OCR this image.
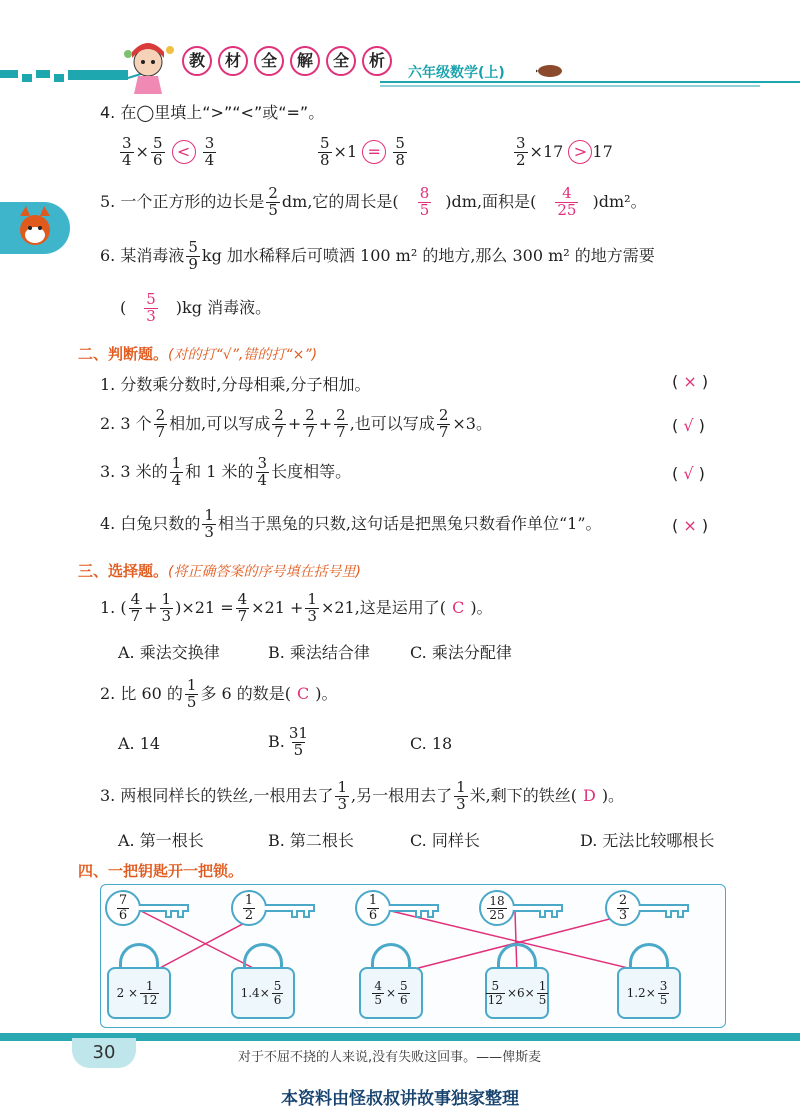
教	材	全	解	全	析
六年级数学(上)
4. 在◯里填上“>”“<”或“=”。
$\frac{3}{4} \times \frac{5}{6} < \frac{3}{4}$	$\frac{5}{8} \times 1 = \frac{5}{8}$	$\frac{3}{2} \times 17 > 17$
5. 一个正方形的边长是 $\frac{2}{5}$ dm,它的周长是( $\frac{8}{5} )dm$,面积是( $\frac{4}{25} )dm^2$。
6. 某消毒液 $\frac{5}{9}$ kg 加水稀释后可喷洒 100 m² 的地方,那么 300 m² 的地方需要
( $\frac{5}{3} )kg$ 消毒液。
二、判断题。(对的打“√”,错的打“×”)
1. 分数乘分数时,分母相乘,分子相加。	( × )
2. 3 个 $\frac{2}{7}$ 相加,可以写成 $\frac{2}{7} + \frac{2}{7} + \frac{2}{7}$ ,也可以写成 $\frac{2}{7} \times 3$。	( √ )
3. 3 米的 $\frac{1}{4}$ 和 1 米的 $\frac{3}{4}$ 长度相等。	( √ )
4. 白兔只数的 $\frac{1}{3}$ 相当于黑兔的只数,这句话是把黑兔只数看作单位“1”。	( × )
三、选择题。(将正确答案的序号填在括号里)
1. ( $\frac{4}{7} + \frac{1}{3} )\times 21 = \frac{4}{7} \times 21 + \frac{1}{3} \times 21$,这是运用了( C )。
A. 乘法交换律	B. 乘法结合律	C. 乘法分配律
2. 比 60 的 $\frac{1}{5}$ 多 6 的数是( C )。
A. 14	B. $\frac{31}{5}$	C. 18
3. 两根同样长的铁丝,一根用去了 $\frac{1}{3}$ ,另一根用去了 $\frac{1}{3}$ 米,剩下的铁丝( D )。
A. 第一根长	B. 第二根长	C. 同样长	D. 无法比较哪根长
四、一把钥匙开一把锁。
$\frac{7}{6}$	$\frac{1}{2}$	$\frac{1}{6}$	$\frac{18}{25}$	$\frac{2}{3}$
$2 \times \frac{1}{12}$	$1.4\times \frac{5}{6}$	$\frac{4}{5} \times \frac{5}{6}$	$\frac{5}{12} \times 6\times \frac{1}{5}$	$1.2\times \frac{3}{5}$
30	对于不屈不挠的人来说,没有失败这回事。——俾斯麦
本资料由怪叔叔讲故事独家整理
